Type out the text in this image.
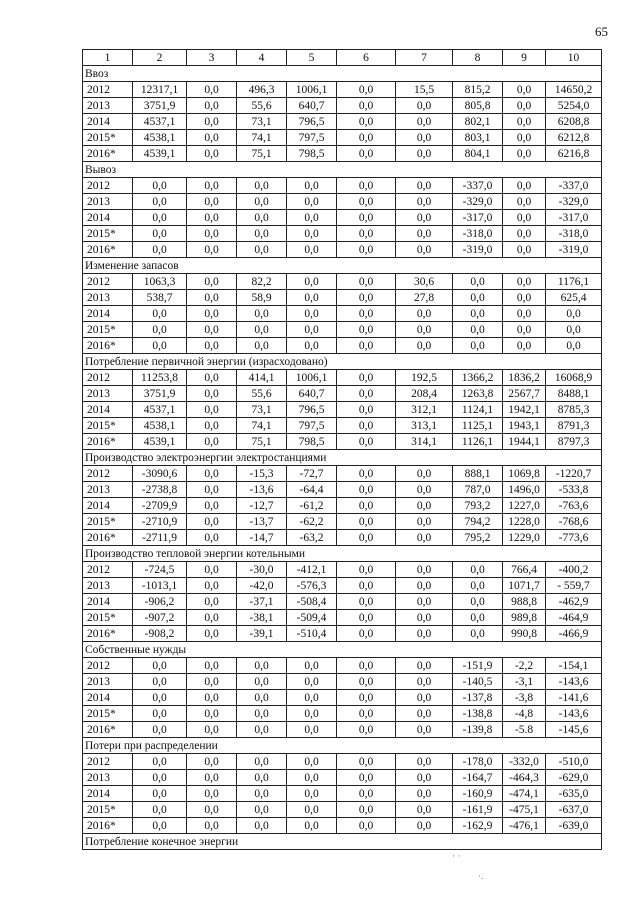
65
1	2	3	4	5	6	7	8	9	10
Ввоз									
2012	12317,1	0,0	496,3	1006,1	0,0	15,5	815,2	0,0	14650,2
2013	3751,9	0,0	55,6	640,7	0,0	0,0	805,8	0,0	5254,0
2014	4537,1	0,0	73,1	796,5	0,0	0,0	802,1	0,0	6208,8
2015*	4538,1	0,0	74,1	797,5	0,0	0,0	803,1	0,0	6212,8
2016*	4539,1	0,0	75,1	798,5	0,0	0,0	804,1	0,0	6216,8
Вывоз									
2012	0,0	0,0	0,0	0,0	0,0	0,0	-337,0	0,0	-337,0
2013	0,0	0,0	0,0	0,0	0,0	0,0	-329,0	0,0	-329,0
2014	0,0	0,0	0,0	0,0	0,0	0,0	-317,0	0,0	-317,0
2015*	0,0	0,0	0,0	0,0	0,0	0,0	-318,0	0,0	-318,0
2016*	0,0	0,0	0,0	0,0	0,0	0,0	-319,0	0,0	-319,0
Изменение запасов									
2012	1063,3	0,0	82,2	0,0	0,0	30,6	0,0	0,0	1176,1
2013	538,7	0,0	58,9	0,0	0,0	27,8	0,0	0,0	625,4
2014	0,0	0,0	0,0	0,0	0,0	0,0	0,0	0,0	0,0
2015*	0,0	0,0	0,0	0,0	0,0	0,0	0,0	0,0	0,0
2016*	0,0	0,0	0,0	0,0	0,0	0,0	0,0	0,0	0,0
Потребление первичной энергии (израсходовано)									
2012	11253,8	0,0	414,1	1006,1	0,0	192,5	1366,2	1836,2	16068,9
2013	3751,9	0,0	55,6	640,7	0,0	208,4	1263,8	2567,7	8488,1
2014	4537,1	0,0	73,1	796,5	0,0	312,1	1124,1	1942,1	8785,3
2015*	4538,1	0,0	74,1	797,5	0,0	313,1	1125,1	1943,1	8791,3
2016*	4539,1	0,0	75,1	798,5	0,0	314,1	1126,1	1944,1	8797,3
Производство электроэнергии электростанциями									
2012	-3090,6	0,0	-15,3	-72,7	0,0	0,0	888,1	1069,8	-1220,7
2013	-2738,8	0,0	-13,6	-64,4	0,0	0,0	787,0	1496,0	-533,8
2014	-2709,9	0,0	-12,7	-61,2	0,0	0,0	793,2	1227,0	-763,6
2015*	-2710,9	0,0	-13,7	-62,2	0,0	0,0	794,2	1228,0	-768,6
2016*	-2711,9	0,0	-14,7	-63,2	0,0	0,0	795,2	1229,0	-773,6
Производство тепловой энергии котельными									
2012	-724,5	0,0	-30,0	-412,1	0,0	0,0	0,0	766,4	-400,2
2013	-1013,1	0,0	-42,0	-576,3	0,0	0,0	0,0	1071,7	- 559,7
2014	-906,2	0,0	-37,1	-508,4	0,0	0,0	0,0	988,8	-462,9
2015*	-907,2	0,0	-38,1	-509,4	0,0	0,0	0,0	989,8	-464,9
2016*	-908,2	0,0	-39,1	-510,4	0,0	0,0	0,0	990,8	-466,9
Собственные нужды									
2012	0,0	0,0	0,0	0,0	0,0	0,0	-151,9	-2,2	-154,1
2013	0,0	0,0	0,0	0,0	0,0	0,0	-140,5	-3,1	-143,6
2014	0,0	0,0	0,0	0,0	0,0	0,0	-137,8	-3,8	-141,6
2015*	0,0	0,0	0,0	0,0	0,0	0,0	-138,8	-4,8	-143,6
2016*	0,0	0,0	0,0	0,0	0,0	0,0	-139,8	-5.8	-145,6
Потери при распределении									
2012	0,0	0,0	0,0	0,0	0,0	0,0	-178,0	-332,0	-510,0
2013	0,0	0,0	0,0	0,0	0,0	0,0	-164,7	-464,3	-629,0
2014	0,0	0,0	0,0	0,0	0,0	0,0	-160,9	-474,1	-635,0
2015*	0,0	0,0	0,0	0,0	0,0	0,0	-161,9	-475,1	-637,0
2016*	0,0	0,0	0,0	0,0	0,0	0,0	-162,9	-476,1	-639,0
Потребление конечное энергии									
· ·
·.
